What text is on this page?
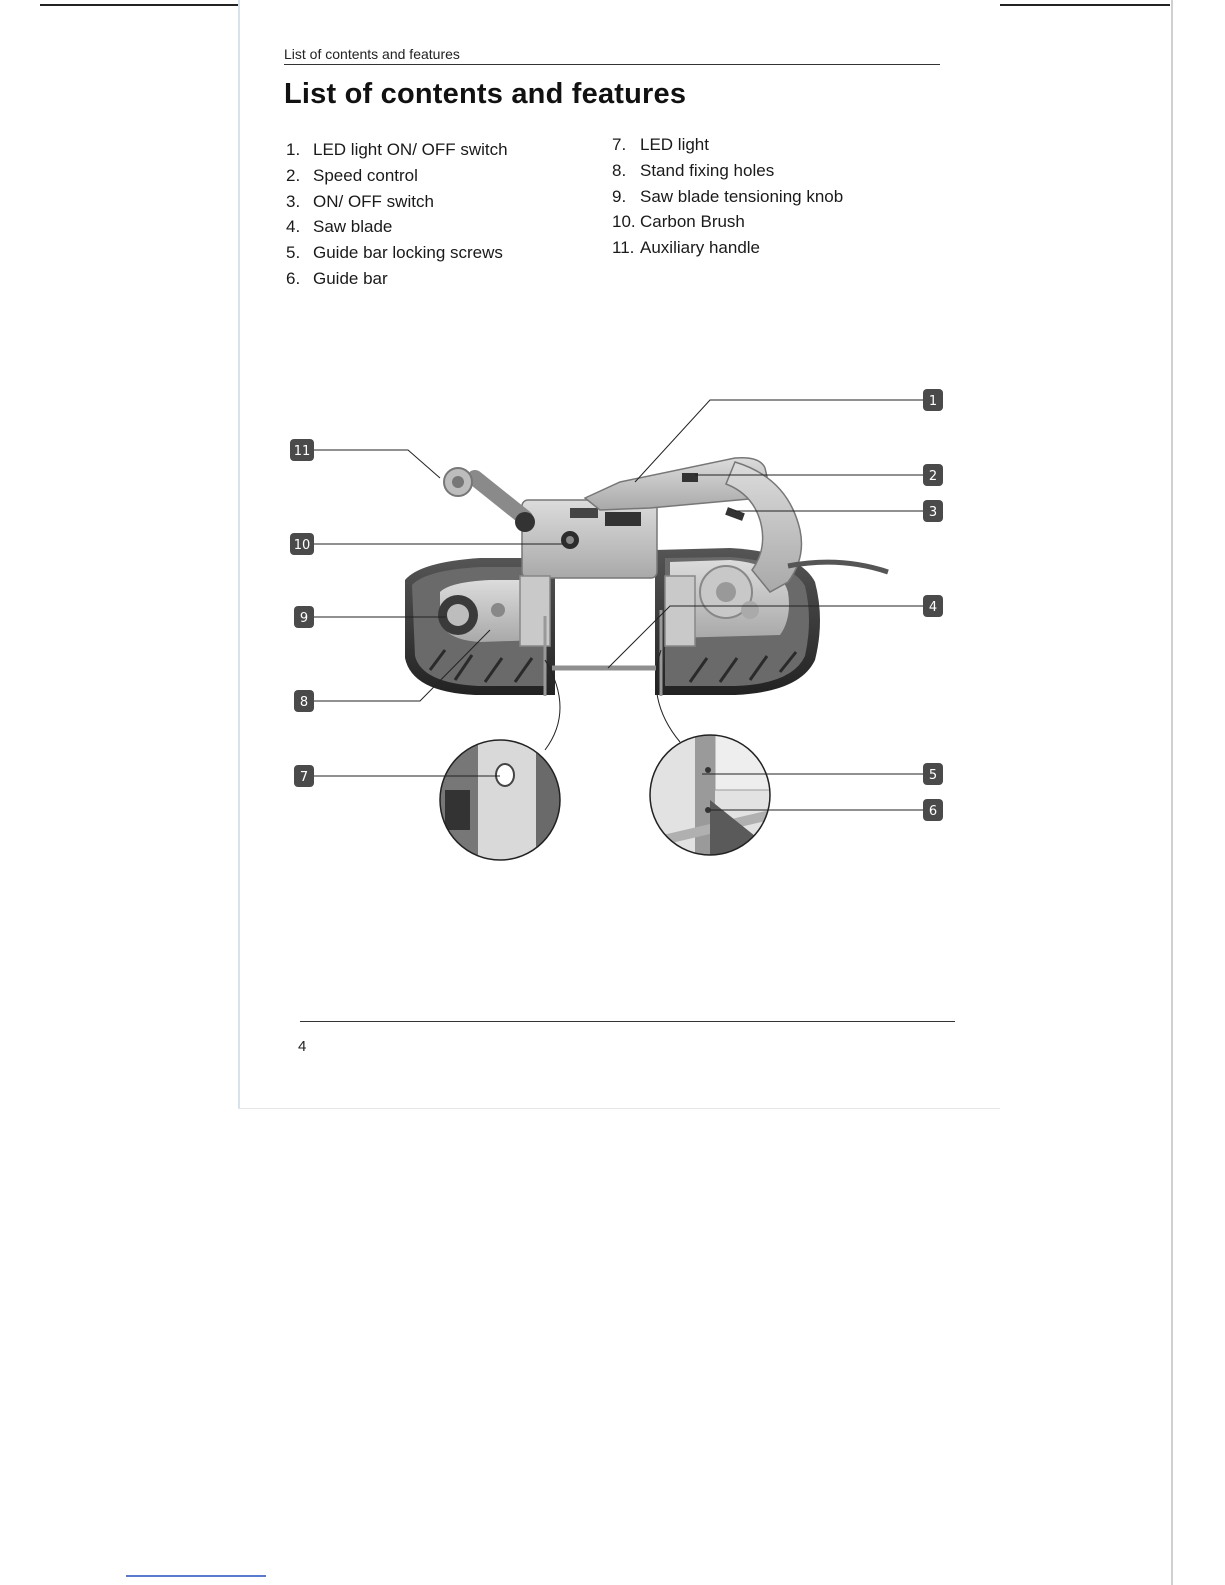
List of contents and features
List of contents and features
1. LED light ON/ OFF switch
2. Speed control
3. ON/ OFF switch
4. Saw blade
5. Guide bar locking screws
6. Guide bar
7. LED light
8. Stand fixing holes
9. Saw blade tensioning knob
10. Carbon Brush
11. Auxiliary handle
1
2
3
4
5
6
7
8
9
10
11
4
